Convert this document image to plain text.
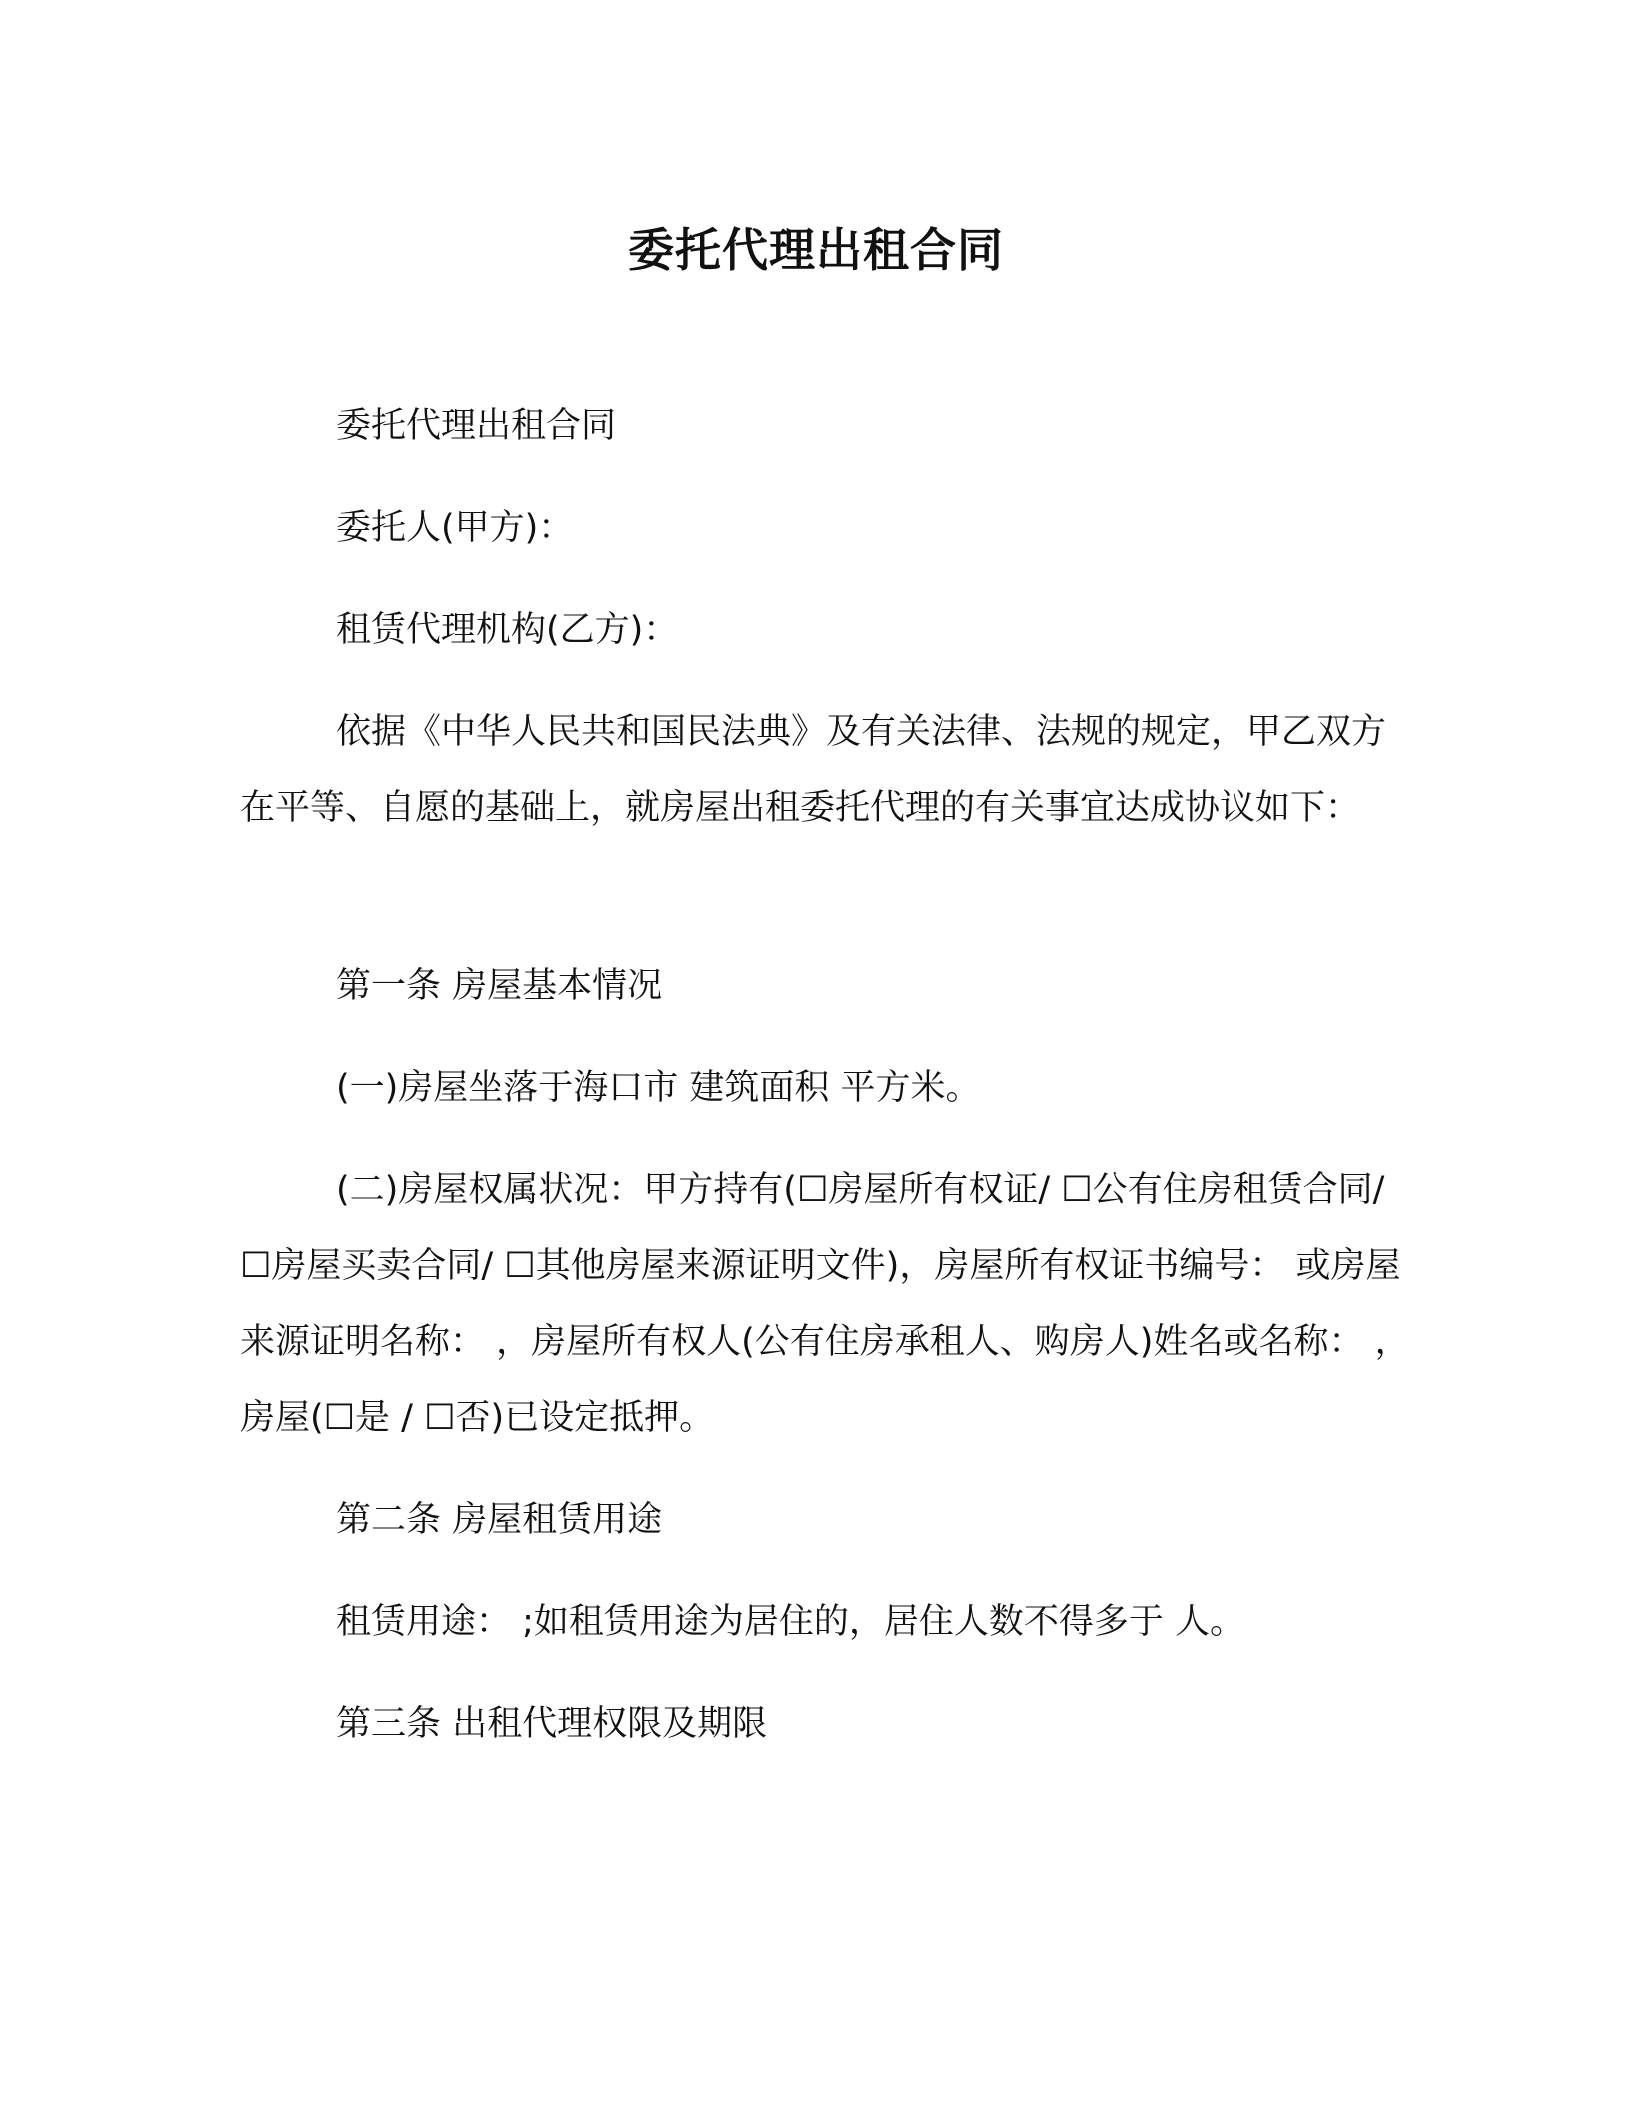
委托代理出租合同

委托代理出租合同

委托人(甲方)：

租赁代理机构(乙方)：

依据《中华人民共和国民法典》及有关法律、法规的规定，甲乙双方在平等、自愿的基础上，就房屋出租委托代理的有关事宜达成协议如下：

第一条 房屋基本情况

(一)房屋坐落于海口市 建筑面积 平方米。

(二)房屋权属状况：甲方持有(☐房屋所有权证/ ☐公有住房租赁合同/ ☐房屋买卖合同/ ☐其他房屋来源证明文件)，房屋所有权证书编号： 或房屋来源证明名称： ，房屋所有权人(公有住房承租人、购房人)姓名或名称： ，房屋(☐是 / ☐否)已设定抵押。

第二条 房屋租赁用途

租赁用途： ;如租赁用途为居住的，居住人数不得多于 人。

第三条 出租代理权限及期限
